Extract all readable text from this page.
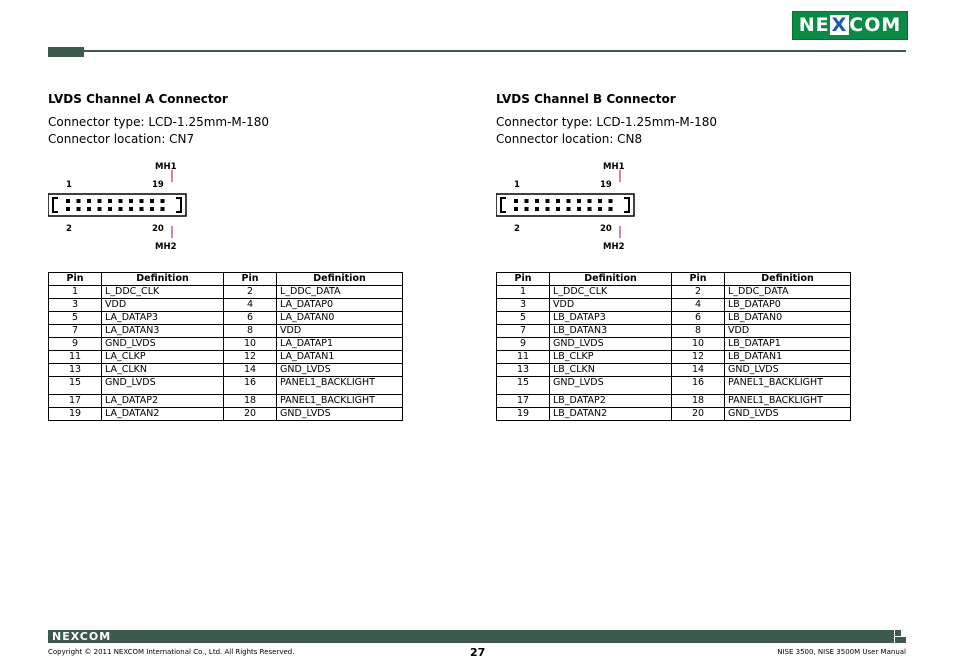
NE X COM
LVDS Channel A Connector
Connector type: LCD-1.25mm-M-180
Connector location: CN7
MH1
1	19
2	20
MH2
Pin	Definition	Pin	Definition
1	L_DDC_CLK	2	L_DDC_DATA
3	VDD	4	LA_DATAP0
5	LA_DATAP3	6	LA_DATAN0
7	LA_DATAN3	8	VDD
9	GND_LVDS	10	LA_DATAP1
11	LA_CLKP	12	LA_DATAN1
13	LA_CLKN	14	GND_LVDS
15	GND_LVDS	16	PANEL1_BACKLIGHT
17	LA_DATAP2	18	PANEL1_BACKLIGHT
19	LA_DATAN2	20	GND_LVDS
LVDS Channel B Connector
Connector type: LCD-1.25mm-M-180
Connector location: CN8
MH1
1	19
2	20
MH2
Pin	Definition	Pin	Definition
1	L_DDC_CLK	2	L_DDC_DATA
3	VDD	4	LB_DATAP0
5	LB_DATAP3	6	LB_DATAN0
7	LB_DATAN3	8	VDD
9	GND_LVDS	10	LB_DATAP1
11	LB_CLKP	12	LB_DATAN1
13	LB_CLKN	14	GND_LVDS
15	GND_LVDS	16	PANEL1_BACKLIGHT
17	LB_DATAP2	18	PANEL1_BACKLIGHT
19	LB_DATAN2	20	GND_LVDS
NEXCOM
Copyright © 2011 NEXCOM International Co., Ltd. All Rights Reserved.	27	NISE 3500, NISE 3500M User Manual
